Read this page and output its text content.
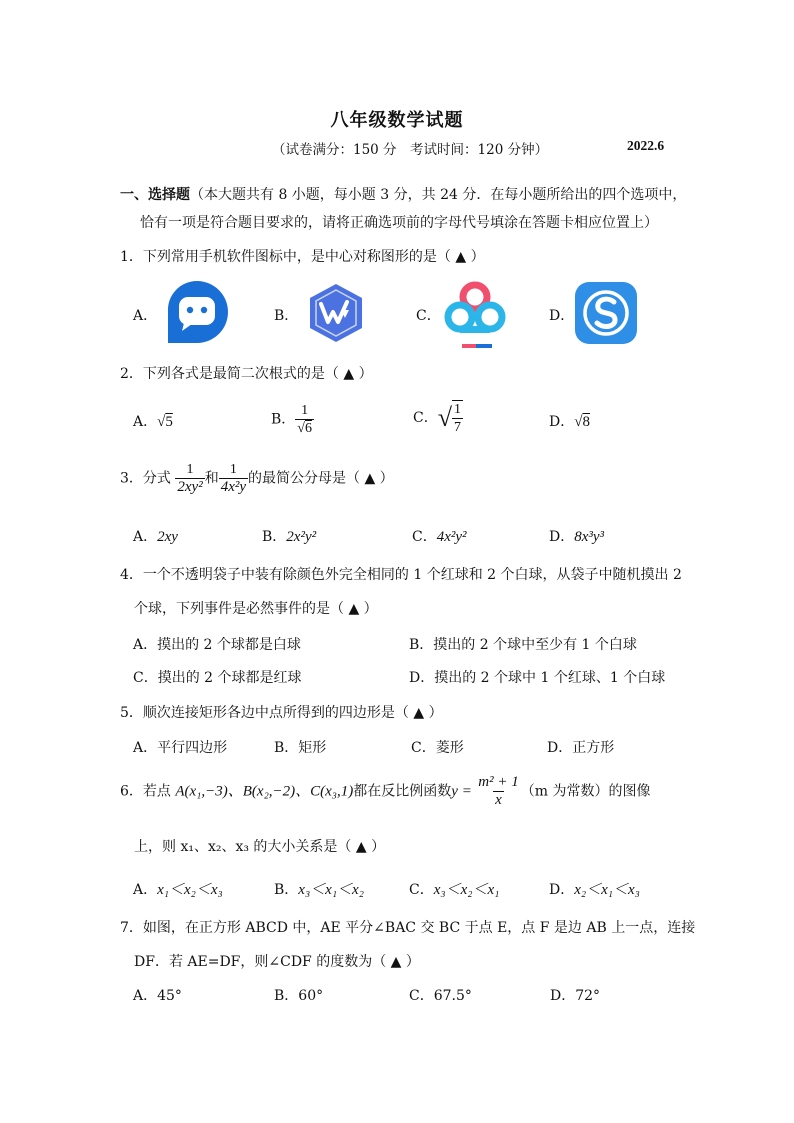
八年级数学试题
（试卷满分：150 分　考试时间：120 分钟）	2022.6
一、选择题（本大题共有 8 小题，每小题 3 分，共 24 分．在每小题所给出的四个选项中，
恰有一项是符合题目要求的，请将正确选项前的字母代号填涂在答题卡相应位置上）
1．下列常用手机软件图标中，是中心对称图形的是（ ▲ ）
A．	B．	C．	D．
2．下列各式是最简二次根式的是（ ▲ ）
A．√5	B． $\frac{1}{√6}$	C．√ $\frac{1}{7}$	D．√8
3．分式 $\frac{1}{\text{2xy²}}$ 和 $\frac{1}{\text{4x²y}}$ 的最简公分母是（ ▲ ）
A．2xy	B．2x²y²	C．4x²y²	D．8x³y³
4．一个不透明袋子中装有除颜色外完全相同的 1 个红球和 2 个白球，从袋子中随机摸出 2
个球，下列事件是必然事件的是（ ▲ ）
A．摸出的 2 个球都是白球	B．摸出的 2 个球中至少有 1 个白球
C．摸出的 2 个球都是红球	D．摸出的 2 个球中 1 个红球、1 个白球
5．顺次连接矩形各边中点所得到的四边形是（ ▲ ）
A．平行四边形	B．矩形	C．菱形	D．正方形
6．若点 A(x₁,−3)、B(x₂,−2)、C(x₃,1)都在反比例函数$y = \frac{\text{m² + 1}}{x} (m$ 为常数）的图像
上，则 x₁、x₂、x₃ 的大小关系是（ ▲ ）
A．x₁＜x₂＜x₃	B．x₃＜x₁＜x₂	C．x₃＜x₂＜x₁	D．x₂＜x₁＜x₃
7．如图，在正方形 ABCD 中，AE 平分∠BAC 交 BC 于点 E，点 F 是边 AB 上一点，连接
DF．若 AE=DF，则∠CDF 的度数为（ ▲ ）
A．45°	B．60°	C．67.5°	D．72°
